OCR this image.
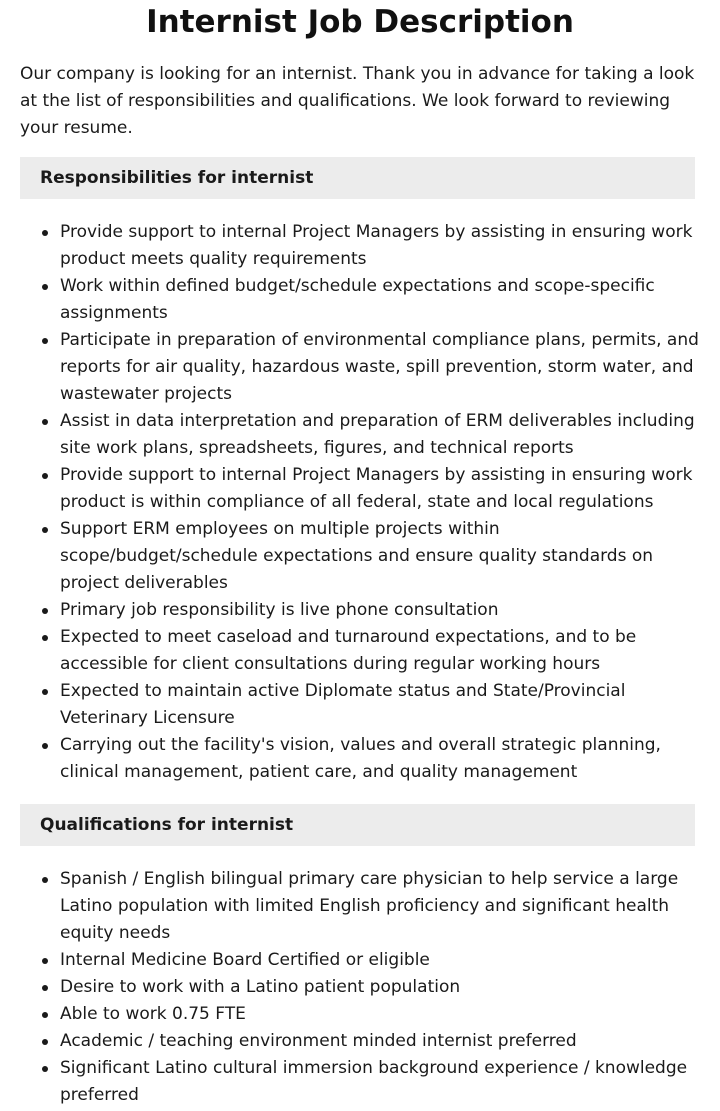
Internist Job Description

Our company is looking for an internist. Thank you in advance for taking a look at the list of responsibilities and qualifications. We look forward to reviewing your resume.

Responsibilities for internist
Provide support to internal Project Managers by assisting in ensuring work product meets quality requirements
Work within defined budget/schedule expectations and scope-specific assignments
Participate in preparation of environmental compliance plans, permits, and reports for air quality, hazardous waste, spill prevention, storm water, and wastewater projects
Assist in data interpretation and preparation of ERM deliverables including site work plans, spreadsheets, figures, and technical reports
Provide support to internal Project Managers by assisting in ensuring work product is within compliance of all federal, state and local regulations
Support ERM employees on multiple projects within scope/budget/schedule expectations and ensure quality standards on project deliverables
Primary job responsibility is live phone consultation
Expected to meet caseload and turnaround expectations, and to be accessible for client consultations during regular working hours
Expected to maintain active Diplomate status and State/Provincial Veterinary Licensure
Carrying out the facility's vision, values and overall strategic planning, clinical management, patient care, and quality management
Qualifications for internist
Spanish / English bilingual primary care physician to help service a large Latino population with limited English proficiency and significant health equity needs
Internal Medicine Board Certified or eligible
Desire to work with a Latino patient population
Able to work 0.75 FTE
Academic / teaching environment minded internist preferred
Significant Latino cultural immersion background experience / knowledge preferred
